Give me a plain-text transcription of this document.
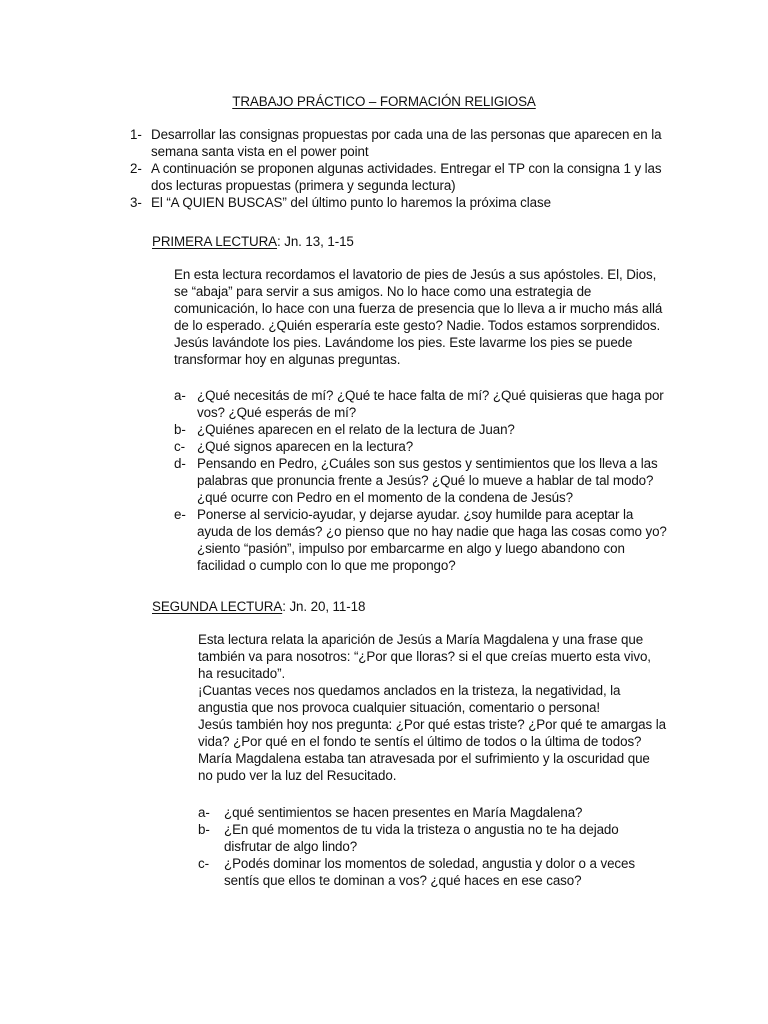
TRABAJO PRÁCTICO – FORMACIÓN RELIGIOSA
1- Desarrollar las consignas propuestas por cada una de las personas que aparecen en la semana santa vista en el power point
2- A continuación se proponen algunas actividades. Entregar el TP con la consigna 1 y las dos lecturas propuestas (primera y segunda lectura)
3- El “A QUIEN BUSCAS” del último punto lo haremos la próxima clase
PRIMERA LECTURA: Jn. 13, 1-15

En esta lectura recordamos el lavatorio de pies de Jesús a sus apóstoles. El, Dios, se “abaja” para servir a sus amigos. No lo hace como una estrategia de comunicación, lo hace con una fuerza de presencia que lo lleva a ir mucho más allá de lo esperado. ¿Quién esperaría este gesto? Nadie. Todos estamos sorprendidos. Jesús lavándote los pies. Lavándome los pies. Este lavarme los pies se puede transformar hoy en algunas preguntas.

a- ¿Qué necesitás de mí? ¿Qué te hace falta de mí? ¿Qué quisieras que haga por vos? ¿Qué esperás de mí?
b- ¿Quiénes aparecen en el relato de la lectura de Juan?
c- ¿Qué signos aparecen en la lectura?
d- Pensando en Pedro, ¿Cuáles son sus gestos y sentimientos que los lleva a las palabras que pronuncia frente a Jesús? ¿Qué lo mueve a hablar de tal modo? ¿qué ocurre con Pedro en el momento de la condena de Jesús?
e- Ponerse al servicio-ayudar, y dejarse ayudar. ¿soy humilde para aceptar la ayuda de los demás? ¿o pienso que no hay nadie que haga las cosas como yo? ¿siento “pasión”, impulso por embarcarme en algo y luego abandono con facilidad o cumplo con lo que me propongo?
SEGUNDA LECTURA: Jn. 20, 11-18
Esta lectura relata la aparición de Jesús a María Magdalena y una frase que también va para nosotros: “¿Por que lloras? si el que creías muerto esta vivo, ha resucitado”.
¡Cuantas veces nos quedamos anclados en la tristeza, la negatividad, la angustia que nos provoca cualquier situación, comentario o persona!
Jesús también hoy nos pregunta: ¿Por qué estas triste? ¿Por qué te amargas la vida? ¿Por qué en el fondo te sentís el último de todos o la última de todos? María Magdalena estaba tan atravesada por el sufrimiento y la oscuridad que no pudo ver la luz del Resucitado.
a- ¿qué sentimientos se hacen presentes en María Magdalena?
b- ¿En qué momentos de tu vida la tristeza o angustia no te ha dejado disfrutar de algo lindo?
c- ¿Podés dominar los momentos de soledad, angustia y dolor o a veces sentís que ellos te dominan a vos? ¿qué haces en ese caso?
